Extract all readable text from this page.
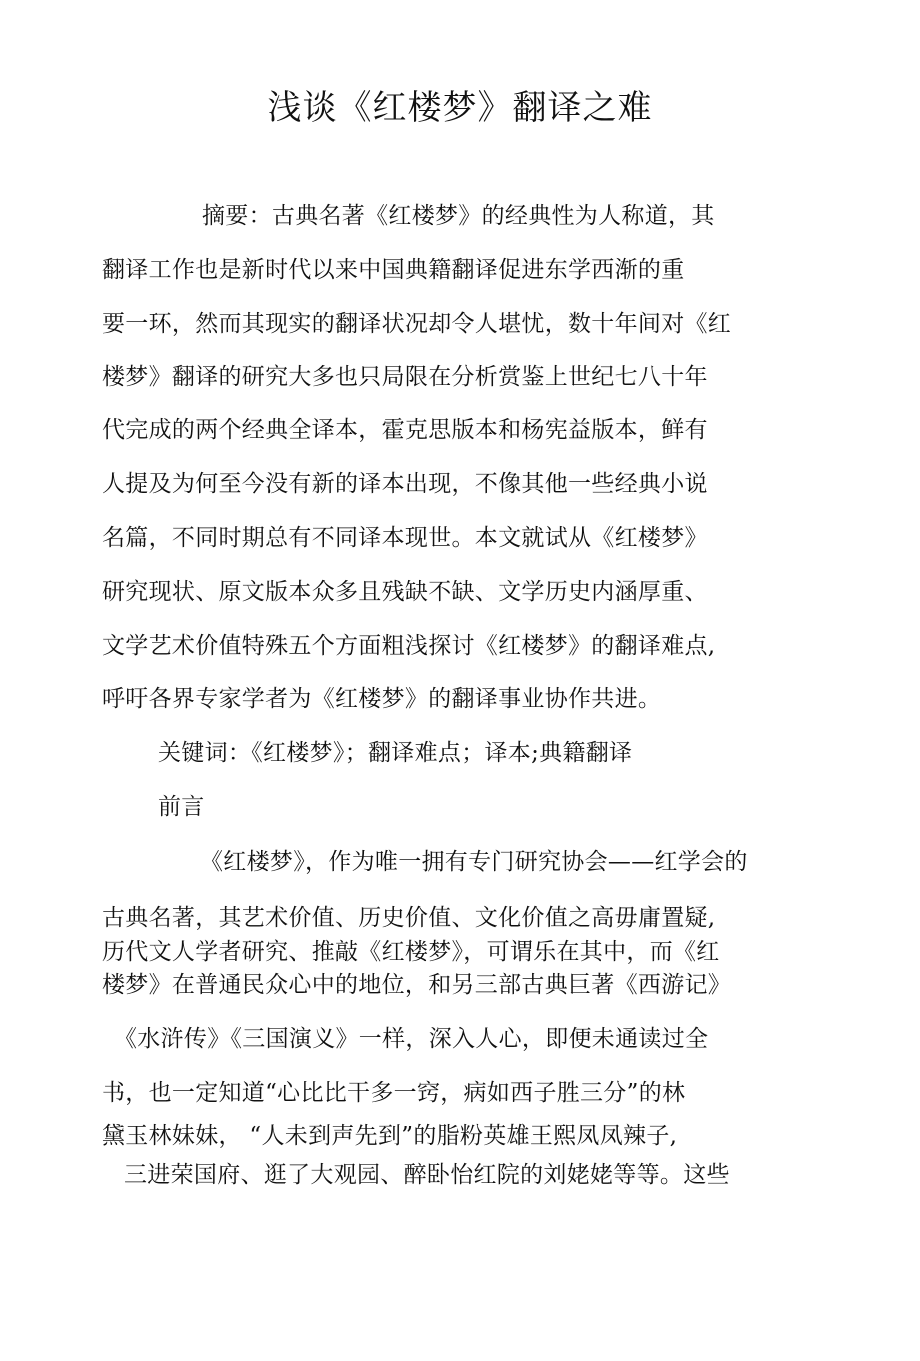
浅谈《红楼梦》翻译之难
摘要：古典名著《红楼梦》的经典性为人称道，其
翻译工作也是新时代以来中国典籍翻译促进东学西渐的重
要一环，然而其现实的翻译状况却令人堪忧，数十年间对《红
楼梦》翻译的研究大多也只局限在分析赏鉴上世纪七八十年
代完成的两个经典全译本，霍克思版本和杨宪益版本，鲜有
人提及为何至今没有新的译本出现，不像其他一些经典小说
名篇，不同时期总有不同译本现世。本文就试从《红楼梦》
研究现状、原文版本众多且残缺不缺、文学历史内涵厚重、
文学艺术价值特殊五个方面粗浅探讨《红楼梦》的翻译难点,
呼吁各界专家学者为《红楼梦》的翻译事业协作共进。
关键词：《红楼梦》；翻译难点；译本;典籍翻译
前言
《红楼梦》，作为唯一拥有专门研究协会——红学会的
古典名著，其艺术价值、历史价值、文化价值之高毋庸置疑,
历代文人学者研究、推敲《红楼梦》，可谓乐在其中，而《红
楼梦》在普通民众心中的地位，和另三部古典巨著《西游记》
《水浒传》《三国演义》一样，深入人心，即便未通读过全
书，也一定知道“心比比干多一窍，病如西子胜三分”的林
黛玉林妹妹， “人未到声先到”的脂粉英雄王熙凤凤辣子,
三进荣国府、逛了大观园、醉卧怡红院的刘姥姥等等。这些
